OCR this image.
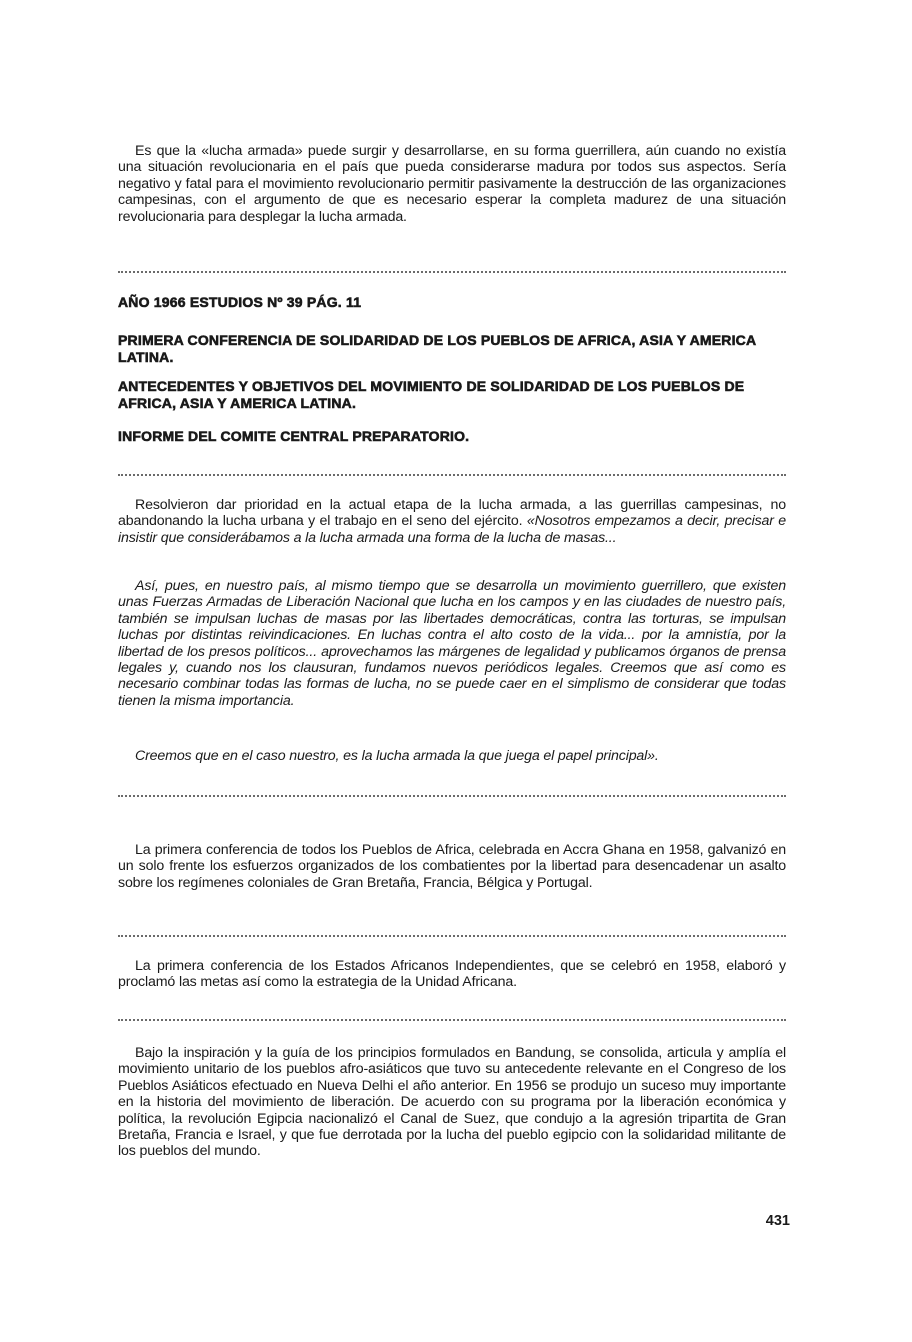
Es que la «lucha armada» puede surgir y desarrollarse, en su forma guerrillera, aún cuando no existía una situación revolucionaria en el país que pueda considerarse madura por todos sus aspectos. Sería negativo y fatal para el movimiento revolucionario permitir pasivamente la destrucción de las organizaciones campesinas, con el argumento de que es necesario esperar la completa madurez de una situación revolucionaria para desplegar la lucha armada.

AÑO 1966 ESTUDIOS Nº 39 PÁG. 11

PRIMERA CONFERENCIA DE SOLIDARIDAD DE LOS PUEBLOS DE AFRICA, ASIA Y AMERICA LATINA.

ANTECEDENTES Y OBJETIVOS DEL MOVIMIENTO DE SOLIDARIDAD DE LOS PUEBLOS DE AFRICA, ASIA Y AMERICA LATINA.

INFORME DEL COMITE CENTRAL PREPARATORIO.

Resolvieron dar prioridad en la actual etapa de la lucha armada, a las guerrillas campesinas, no abandonando la lucha urbana y el trabajo en el seno del ejército. «Nosotros empezamos a decir, precisar e insistir que considerábamos a la lucha armada una forma de la lucha de masas...

Así, pues, en nuestro país, al mismo tiempo que se desarrolla un movimiento guerrillero, que existen unas Fuerzas Armadas de Liberación Nacional que lucha en los campos y en las ciudades de nuestro país, también se impulsan luchas de masas por las libertades democráticas, contra las torturas, se impulsan luchas por distintas reivindicaciones. En luchas contra el alto costo de la vida... por la amnistía, por la libertad de los presos políticos... aprovechamos las márgenes de legalidad y publicamos órganos de prensa legales y, cuando nos los clausuran, fundamos nuevos periódicos legales. Creemos que así como es necesario combinar todas las formas de lucha, no se puede caer en el simplismo de considerar que todas tienen la misma importancia.

Creemos que en el caso nuestro, es la lucha armada la que juega el papel principal».

La primera conferencia de todos los Pueblos de Africa, celebrada en Accra Ghana en 1958, galvanizó en un solo frente los esfuerzos organizados de los combatientes por la libertad para desencadenar un asalto sobre los regímenes coloniales de Gran Bretaña, Francia, Bélgica y Portugal.

La primera conferencia de los Estados Africanos Independientes, que se celebró en 1958, elaboró y proclamó las metas así como la estrategia de la Unidad Africana.

Bajo la inspiración y la guía de los principios formulados en Bandung, se consolida, articula y amplía el movimiento unitario de los pueblos afro-asiáticos que tuvo su antecedente relevante en el Congreso de los Pueblos Asiáticos efectuado en Nueva Delhi el año anterior. En 1956 se produjo un suceso muy importante en la historia del movimiento de liberación. De acuerdo con su programa por la liberación económica y política, la revolución Egipcia nacionalizó el Canal de Suez, que condujo a la agresión tripartita de Gran Bretaña, Francia e Israel, y que fue derrotada por la lucha del pueblo egipcio con la solidaridad militante de los pueblos del mundo.

431
